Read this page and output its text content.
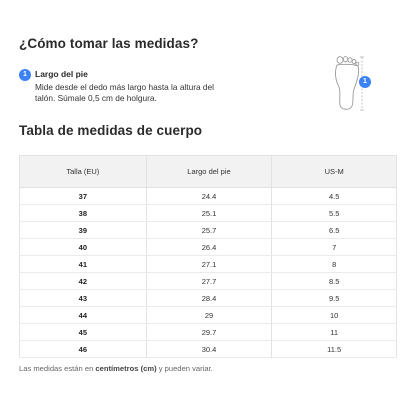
¿Cómo tomar las medidas?
1 Largo del pie
Mide desde el dedo más largo hasta la altura del talón. Súmale 0,5 cm de holgura.
1
Tabla de medidas de cuerpo
Talla (EU)	Largo del pie	US-M
37	24.4	4.5
38	25.1	5.5
39	25.7	6.5
40	26.4	7
41	27.1	8
42	27.7	8.5
43	28.4	9.5
44	29	10
45	29.7	11
46	30.4	11.5
Las medidas están en centímetros (cm) y pueden variar.
